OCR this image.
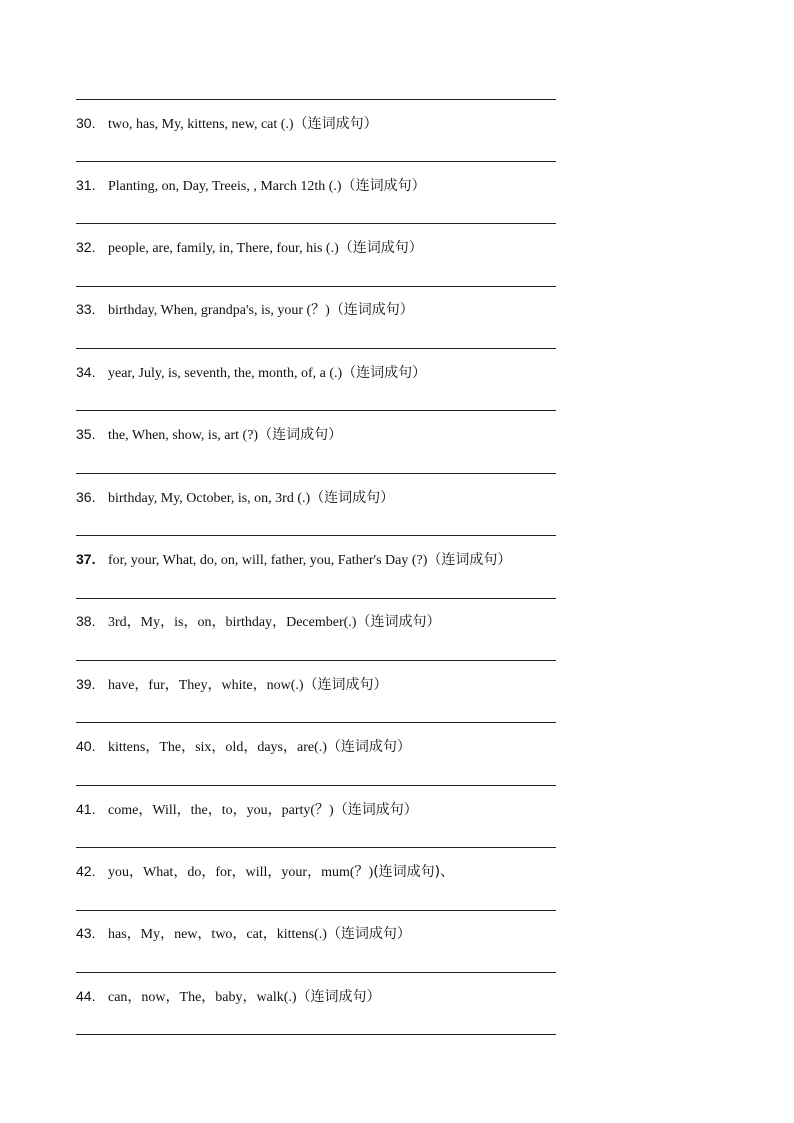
30. two, has, My, kittens, new, cat (.)（连词成句）
31. Planting, on, Day, Treeis, , March 12th (.)（连词成句）
32. people, are, family, in, There, four, his (.)（连词成句）
33. birthday, When, grandpa's, is, your (？)（连词成句）
34. year, July, is, seventh, the, month, of, a (.)（连词成句）
35. the, When, show, is, art (?)（连词成句）
36. birthday, My, October, is, on, 3rd (.)（连词成句）
37. for, your, What, do, on, will, father, you, Father's Day (?)（连词成句）
38. 3rd，My，is，on，birthday，December(.)（连词成句）
39. have，fur，They，white，now(.)（连词成句）
40. kittens，The，six，old，days，are(.)（连词成句）
41. come，Will，the，to，you，party(？)（连词成句）
42. you，What，do，for，will，your，mum(？)(连词成句)、
43. has，My，new，two，cat，kittens(.)（连词成句）
44. can，now，The，baby，walk(.)（连词成句）
